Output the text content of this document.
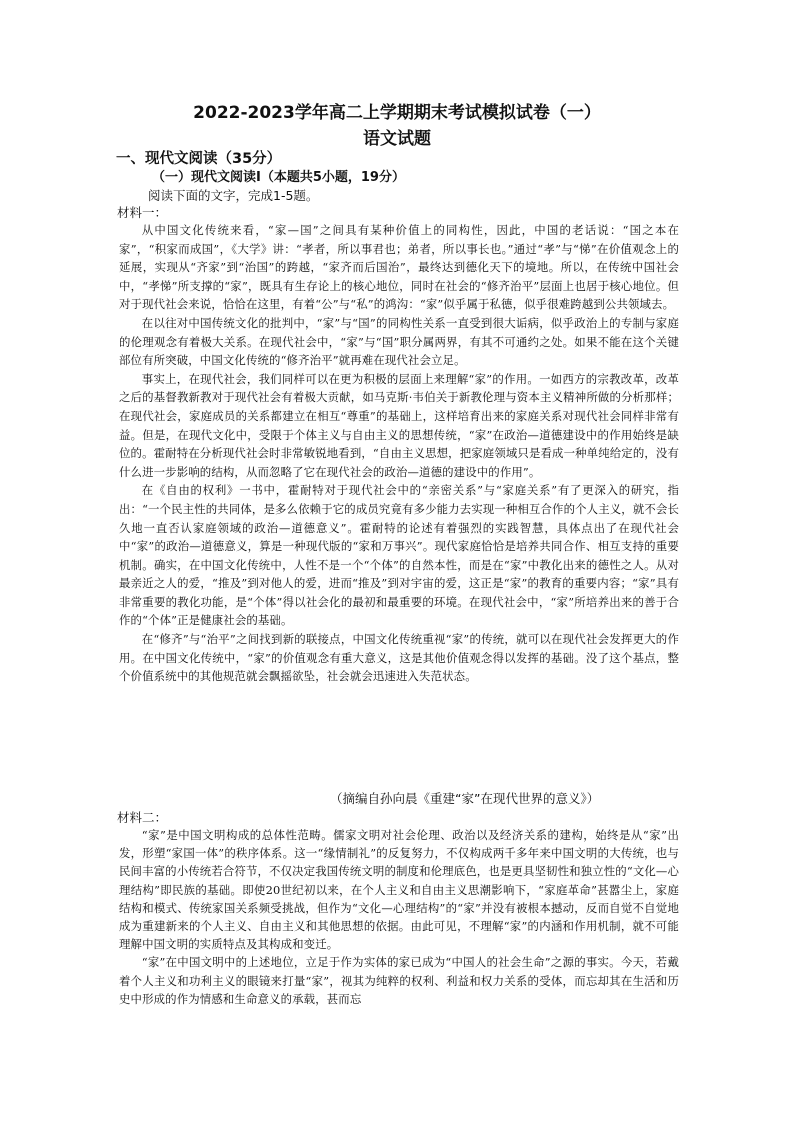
2022-2023学年高二上学期期末考试模拟试卷（一）
语文试题
一、现代文阅读（35分）
（一）现代文阅读Ⅰ（本题共5小题，19分）
阅读下面的文字，完成1-5题。
材料一：

从中国文化传统来看，“家—国”之间具有某种价值上的同构性，因此，中国的老话说：“国之本在家”，“积家而成国”，《大学》讲：“孝者，所以事君也；弟者，所以事长也。”通过“孝”与“悌”在价值观念上的延展，实现从“齐家”到“治国”的跨越，“家齐而后国治”，最终达到德化天下的境地。所以，在传统中国社会中，“孝悌”所支撑的“家”，既具有生存论上的核心地位，同时在社会的“修齐治平”层面上也居于核心地位。但对于现代社会来说，恰恰在这里，有着“公”与“私”的鸿沟：“家”似乎属于私德，似乎很难跨越到公共领域去。

在以往对中国传统文化的批判中，“家”与“国”的同构性关系一直受到很大诟病，似乎政治上的专制与家庭的伦理观念有着极大关系。在现代社会中，“家”与“国”职分属两界，有其不可通约之处。如果不能在这个关键部位有所突破，中国文化传统的“修齐治平”就再难在现代社会立足。

事实上，在现代社会，我们同样可以在更为积极的层面上来理解“家”的作用。一如西方的宗教改革，改革之后的基督教新教对于现代社会有着极大贡献，如马克斯·韦伯关于新教伦理与资本主义精神所做的分析那样；在现代社会，家庭成员的关系都建立在相互“尊重”的基础上，这样培育出来的家庭关系对现代社会同样非常有益。但是，在现代文化中，受限于个体主义与自由主义的思想传统，“家”在政治—道德建设中的作用始终是缺位的。霍耐特在分析现代社会时非常敏锐地看到，“自由主义思想，把家庭领域只是看成一种单纯给定的，没有什么进一步影响的结构，从而忽略了它在现代社会的政治—道德的建设中的作用”。

在《自由的权利》一书中，霍耐特对于现代社会中的“亲密关系”与“家庭关系”有了更深入的研究，指出：“一个民主性的共同体，是多么依赖于它的成员究竟有多少能力去实现一种相互合作的个人主义，就不会长久地一直否认家庭领域的政治—道德意义”。霍耐特的论述有着强烈的实践智慧，具体点出了在现代社会中“家”的政治—道德意义，算是一种现代版的“家和万事兴”。现代家庭恰恰是培养共同合作、相互支持的重要机制。确实，在中国文化传统中，人性不是一个“个体”的自然本性，而是在“家”中教化出来的德性之人。从对最亲近之人的爱，“推及”到对他人的爱，进而“推及”到对宇宙的爱，这正是“家”的教育的重要内容；“家”具有非常重要的教化功能，是“个体”得以社会化的最初和最重要的环境。在现代社会中，“家”所培养出来的善于合作的“个体”正是健康社会的基础。

在“修齐”与“治平”之间找到新的联接点，中国文化传统重视“家”的传统，就可以在现代社会发挥更大的作用。在中国文化传统中，“家”的价值观念有重大意义，这是其他价值观念得以发挥的基础。没了这个基点，整个价值系统中的其他规范就会飘摇欲坠，社会就会迅速进入失范状态。

（摘编自孙向晨《重建“家”在现代世界的意义》）
材料二：

“家”是中国文明构成的总体性范畴。儒家文明对社会伦理、政治以及经济关系的建构，始终是从“家”出发，形塑“家国一体”的秩序体系。这一“缘情制礼”的反复努力，不仅构成两千多年来中国文明的大传统，也与民间丰富的小传统若合符节，不仅决定我国传统文明的制度和伦理底色，也是更具坚韧性和独立性的“文化—心理结构”即民族的基础。即使20世纪初以来，在个人主义和自由主义思潮影响下，“家庭革命”甚嚣尘上，家庭结构和模式、传统家国关系频受挑战，但作为“文化—心理结构”的“家”并没有被根本撼动，反而自觉不自觉地成为重建新来的个人主义、自由主义和其他思想的依据。由此可见，不理解“家”的内涵和作用机制，就不可能理解中国文明的实质特点及其构成和变迁。

“家”在中国文明中的上述地位，立足于作为实体的家已成为“中国人的社会生命”之源的事实。今天，若戴着个人主义和功利主义的眼镜来打量“家”，视其为纯粹的权利、利益和权力关系的受体，而忘却其在生活和历史中形成的作为情感和生命意义的承载，甚而忘
